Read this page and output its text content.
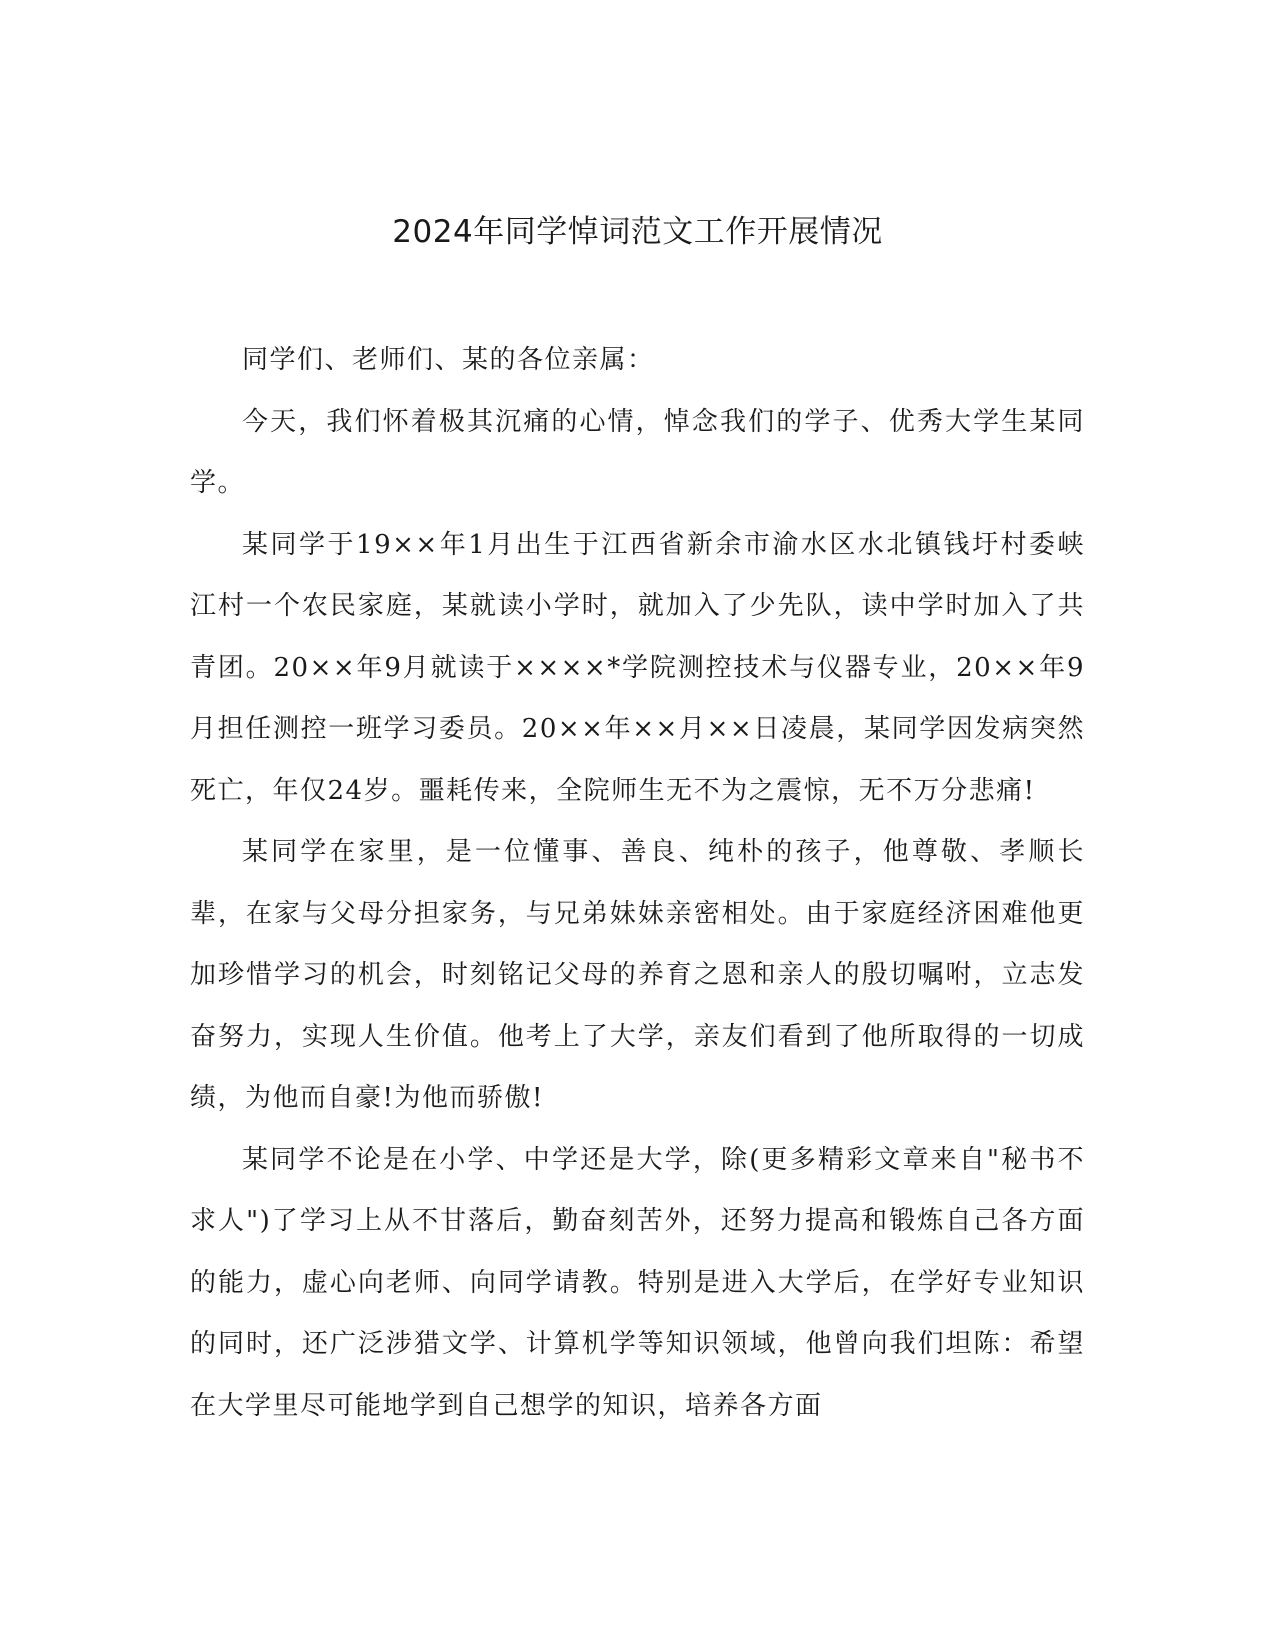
2024年同学悼词范文工作开展情况

同学们、老师们、某的各位亲属：

今天，我们怀着极其沉痛的心情，悼念我们的学子、优秀大学生某同学。

某同学于19××年1月出生于江西省新余市渝水区水北镇钱圩村委峡江村一个农民家庭，某就读小学时，就加入了少先队，读中学时加入了共青团。20××年9月就读于××××*学院测控技术与仪器专业，20××年9月担任测控一班学习委员。20××年××月××日凌晨，某同学因发病突然死亡，年仅24岁。噩耗传来，全院师生无不为之震惊，无不万分悲痛!

某同学在家里，是一位懂事、善良、纯朴的孩子，他尊敬、孝顺长辈，在家与父母分担家务，与兄弟妹妹亲密相处。由于家庭经济困难他更加珍惜学习的机会，时刻铭记父母的养育之恩和亲人的殷切嘱咐，立志发奋努力，实现人生价值。他考上了大学，亲友们看到了他所取得的一切成绩，为他而自豪!为他而骄傲!

某同学不论是在小学、中学还是大学，除(更多精彩文章来自"秘书不求人")了学习上从不甘落后，勤奋刻苦外，还努力提高和锻炼自己各方面的能力，虚心向老师、向同学请教。特别是进入大学后，在学好专业知识的同时，还广泛涉猎文学、计算机学等知识领域，他曾向我们坦陈：希望在大学里尽可能地学到自己想学的知识，培养各方面
